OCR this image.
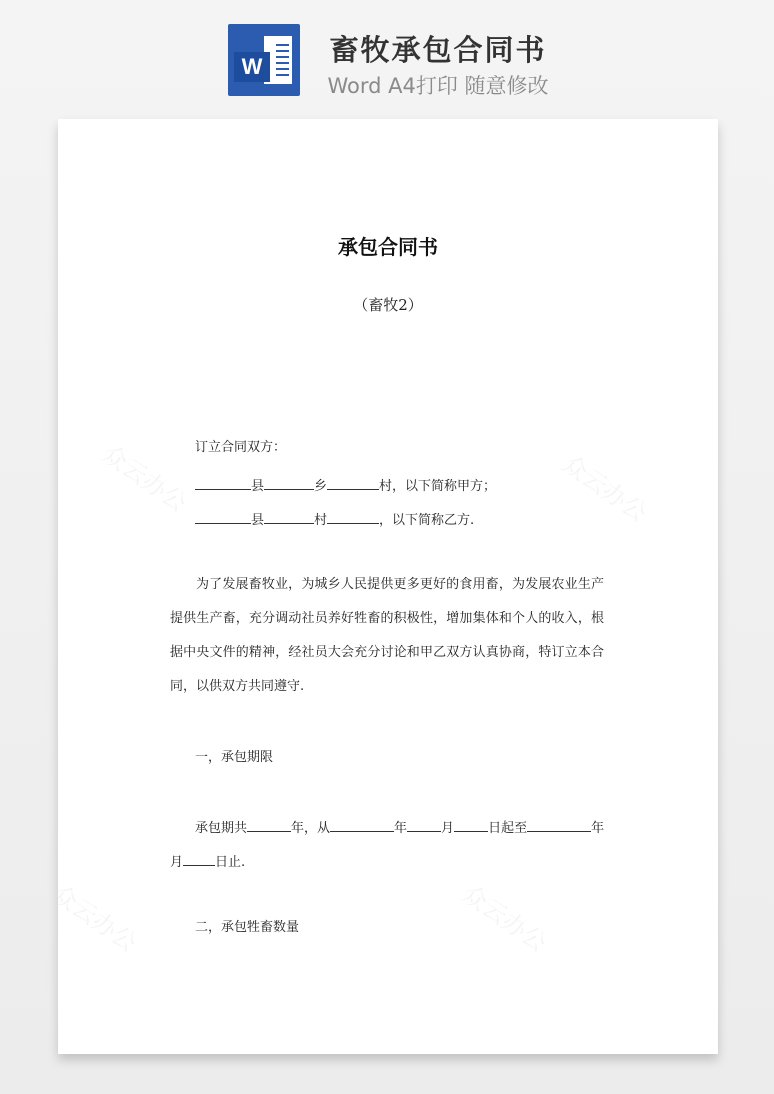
W	畜牧承包合同书
Word A4打印 随意修改
承包合同书
（畜牧2）
订立合同双方：
县	乡	村，以下简称甲方；
县	村	，以下简称乙方.
为了发展畜牧业，为城乡人民提供更多更好的食用畜，为发展农业生产提供生产畜，充分调动社员养好牲畜的积极性，增加集体和个人的收入，根据中央文件的精神，经社员大会充分讨论和甲乙双方认真协商，特订立本合同，以供双方共同遵守.
一，承包期限
承包期共	年，从	年	月	日起至	年
月 日止.
二，承包牲畜数量
